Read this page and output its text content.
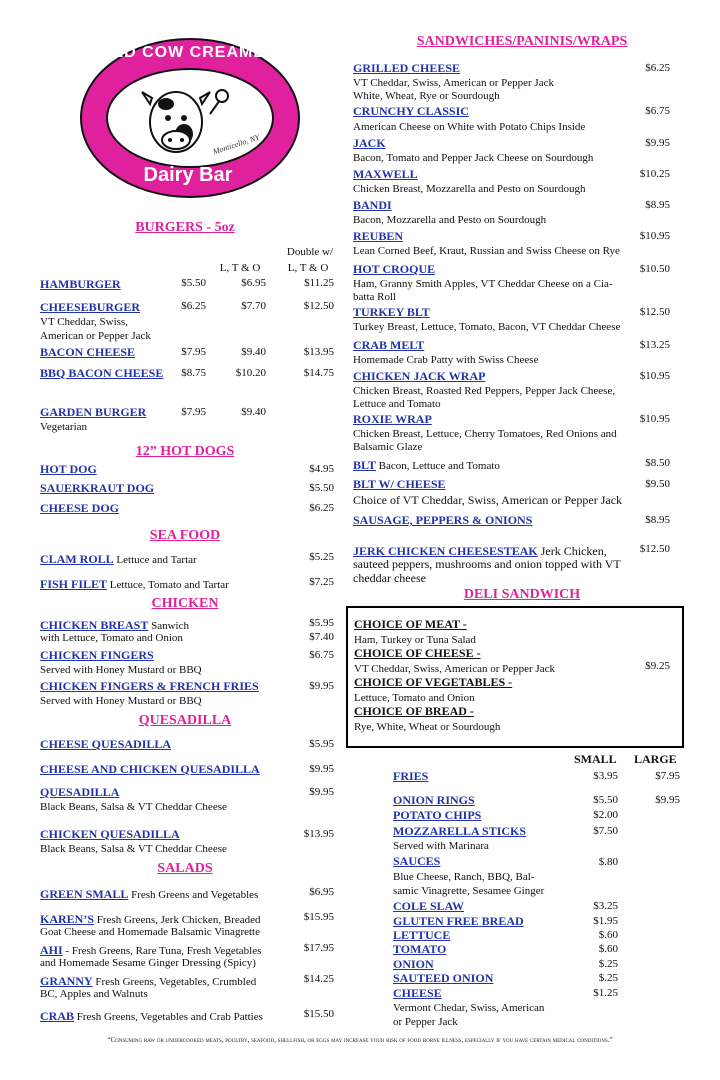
Monticello, NY
COLD COW CREAMERY
Dairy Bar
BURGERS - 5oz
Double w/
L, T & O	L, T & O
HAMBURGER	$5.50	$6.95	$11.25
CHEESEBURGER	$6.25	$7.70	$12.50
VT Cheddar, Swiss,
American or Pepper Jack
BACON CHEESE	$7.95	$9.40	$13.95
BBQ BACON CHEESE	$8.75	$10.20	$14.75
GARDEN BURGER	$7.95	$9.40
Vegetarian
12” HOT DOGS
HOT DOG	$4.95
SAUERKRAUT DOG	$5.50
CHEESE DOG	$6.25
SEA FOOD
CLAM ROLL Lettuce and Tartar	$5.25
FISH FILET Lettuce, Tomato and Tartar	$7.25
CHICKEN
CHICKEN BREAST Sanwich	$5.95
with Lettuce, Tomato and Onion	$7.40
CHICKEN FINGERS	$6.75
Served with Honey Mustard or BBQ
CHICKEN FINGERS & FRENCH FRIES	$9.95
Served with Honey Mustard or BBQ
QUESADILLA
CHEESE QUESADILLA	$5.95
CHEESE AND CHICKEN QUESADILLA	$9.95
QUESADILLA	$9.95
Black Beans, Salsa & VT Cheddar Cheese
CHICKEN QUESADILLA	$13.95
Black Beans, Salsa & VT Cheddar Cheese
SALADS
GREEN SMALL Fresh Greens and Vegetables	$6.95
KAREN’S Fresh Greens, Jerk Chicken, Breaded	$15.95
Goat Cheese and Homemade Balsamic Vinagrette
AHI - Fresh Greens, Rare Tuna, Fresh Vegetables	$17.95
and Homemade Sesame Ginger Dressing (Spicy)
GRANNY Fresh Greens, Vegetables, Crumbled	$14.25
BC, Apples and Walnuts
CRAB Fresh Greens, Vegetables and Crab Patties	$15.50
SANDWICHES/PANINIS/WRAPS
GRILLED CHEESE	$6.25
VT Cheddar, Swiss, American or Pepper Jack
White, Wheat, Rye or Sourdough
CRUNCHY CLASSIC	$6.75
American Cheese on White with Potato Chips Inside
JACK	$9.95
Bacon, Tomato and Pepper Jack Cheese on Sourdough
MAXWELL	$10.25
Chicken Breast, Mozzarella and Pesto on Sourdough
BANDI	$8.95
Bacon, Mozzarella and Pesto on Sourdough
REUBEN	$10.95
Lean Corned Beef, Kraut, Russian and Swiss Cheese on Rye
HOT CROQUE	$10.50
Ham, Granny Smith Apples, VT Cheddar Cheese on a Cia-
batta Roll
TURKEY BLT	$12.50
Turkey Breast, Lettuce, Tomato, Bacon, VT Cheddar Cheese
CRAB MELT	$13.25
Homemade Crab Patty with Swiss Cheese
CHICKEN JACK WRAP	$10.95
Chicken Breast, Roasted Red Peppers, Pepper Jack Cheese,
Lettuce and Tomato
ROXIE WRAP	$10.95
Chicken Breast, Lettuce, Cherry Tomatoes, Red Onions and
Balsamic Glaze
BLT Bacon, Lettuce and Tomato	$8.50
BLT W/ CHEESE	$9.50
Choice of VT Cheddar, Swiss, American or Pepper Jack
SAUSAGE, PEPPERS & ONIONS	$8.95
JERK CHICKEN CHEESESTEAK Jerk Chicken,	$12.50
sauteed peppers, mushrooms and onion topped with VT
cheddar cheese
DELI SANDWICH
CHOICE OF MEAT -
Ham, Turkey or Tuna Salad
CHOICE OF CHEESE -
VT Cheddar, Swiss, American or Pepper Jack
CHOICE OF VEGETABLES -
Lettuce, Tomato and Onion
CHOICE OF BREAD -
Rye, White, Wheat or Sourdough
$9.25
SMALL LARGE
FRIES	$3.95	$7.95
ONION RINGS	$5.50	$9.95
POTATO CHIPS	$2.00
MOZZARELLA STICKS	$7.50
Served with Marinara
SAUCES	$.80
Blue Cheese, Ranch, BBQ, Bal-
samic Vinagrette, Sesamee Ginger
COLE SLAW	$3.25
GLUTEN FREE BREAD	$1.95
LETTUCE	$.60
TOMATO	$.60
ONION	$.25
SAUTEED ONION	$.25
CHEESE	$1.25
Vermont Chedar, Swiss, American
or Pepper Jack
“Consuming raw or undercooked meats, poultry, seafood, shellfish, or eggs may increase your risk of food borne illness, especially if you have certain medical conditions.”
